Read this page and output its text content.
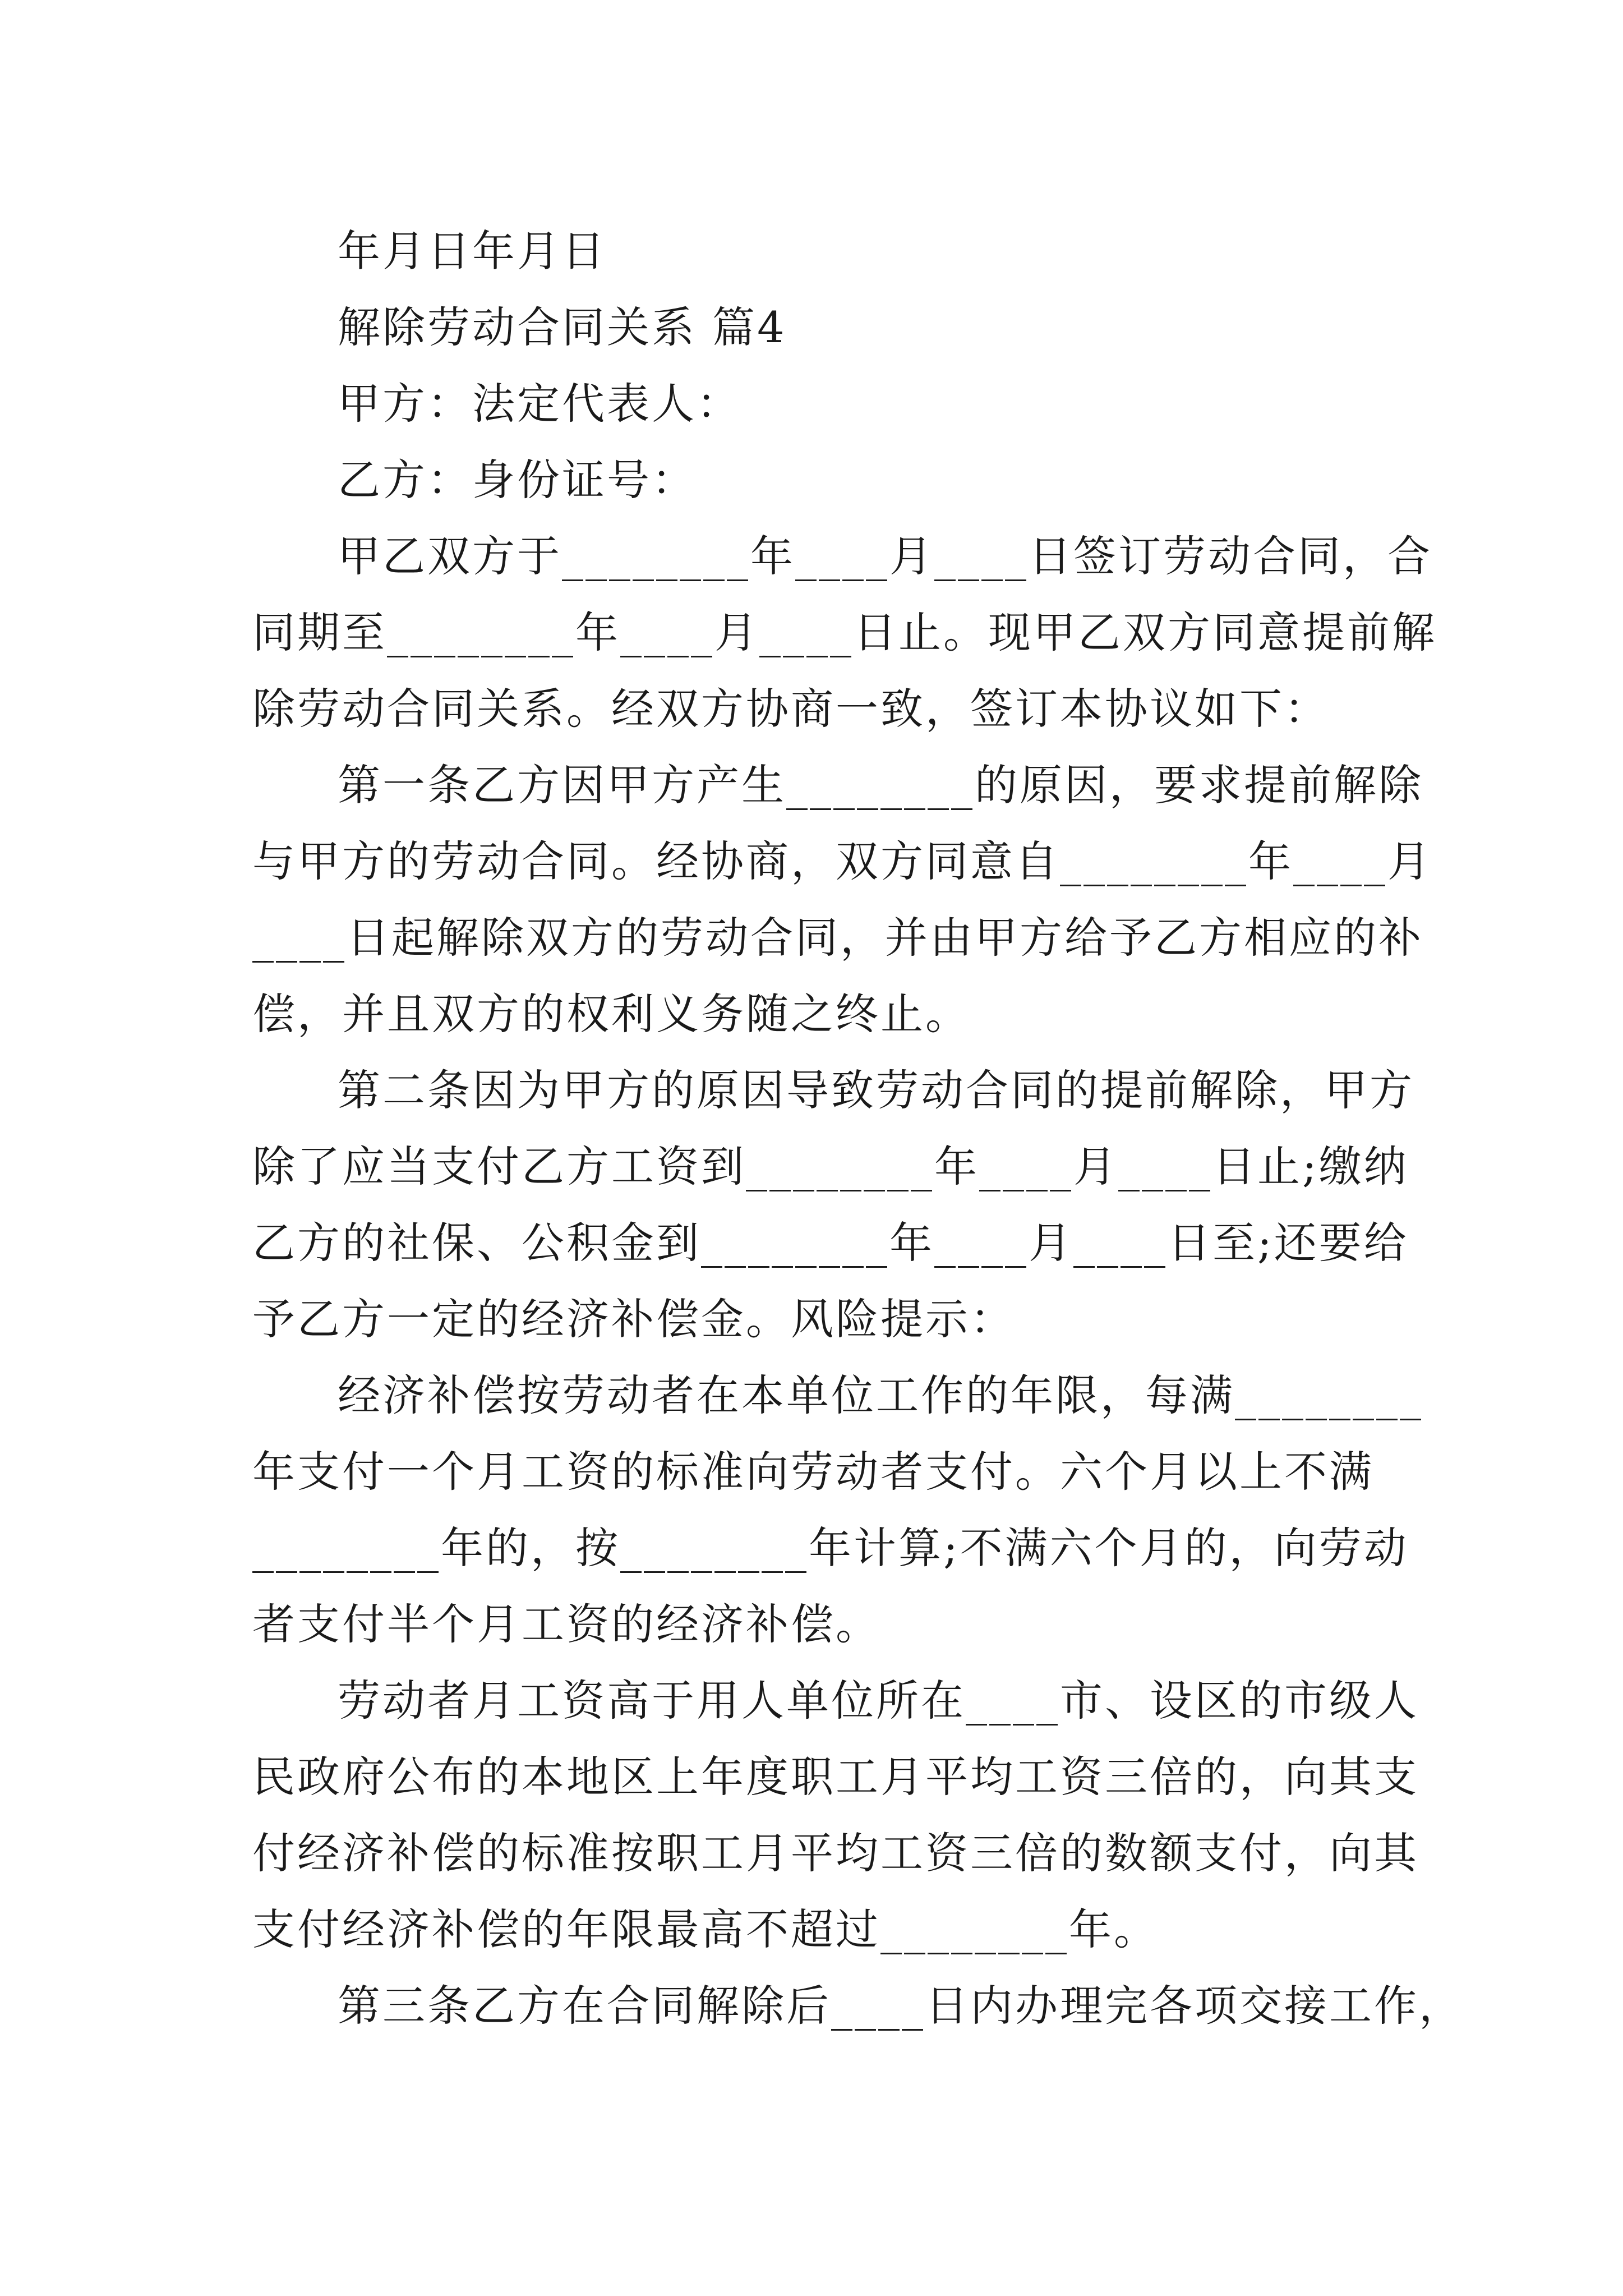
年月日年月日

解除劳动合同关系 篇4

甲方：法定代表人：

乙方：身份证号：

甲乙双方于________年____月____日签订劳动合同，合

同期至________年____月____日止。现甲乙双方同意提前解

除劳动合同关系。经双方协商一致，签订本协议如下：

第一条乙方因甲方产生________的原因，要求提前解除

与甲方的劳动合同。经协商，双方同意自________年____月

____日起解除双方的劳动合同，并由甲方给予乙方相应的补

偿，并且双方的权利义务随之终止。

第二条因为甲方的原因导致劳动合同的提前解除，甲方

除了应当支付乙方工资到________年____月____日止;缴纳

乙方的社保、公积金到________年____月____日至;还要给

予乙方一定的经济补偿金。风险提示：

经济补偿按劳动者在本单位工作的年限，每满________

年支付一个月工资的标准向劳动者支付。六个月以上不满

________年的，按________年计算;不满六个月的，向劳动

者支付半个月工资的经济补偿。

劳动者月工资高于用人单位所在____市、设区的市级人

民政府公布的本地区上年度职工月平均工资三倍的，向其支

付经济补偿的标准按职工月平均工资三倍的数额支付，向其

支付经济补偿的年限最高不超过________年。

第三条乙方在合同解除后____日内办理完各项交接工作，
